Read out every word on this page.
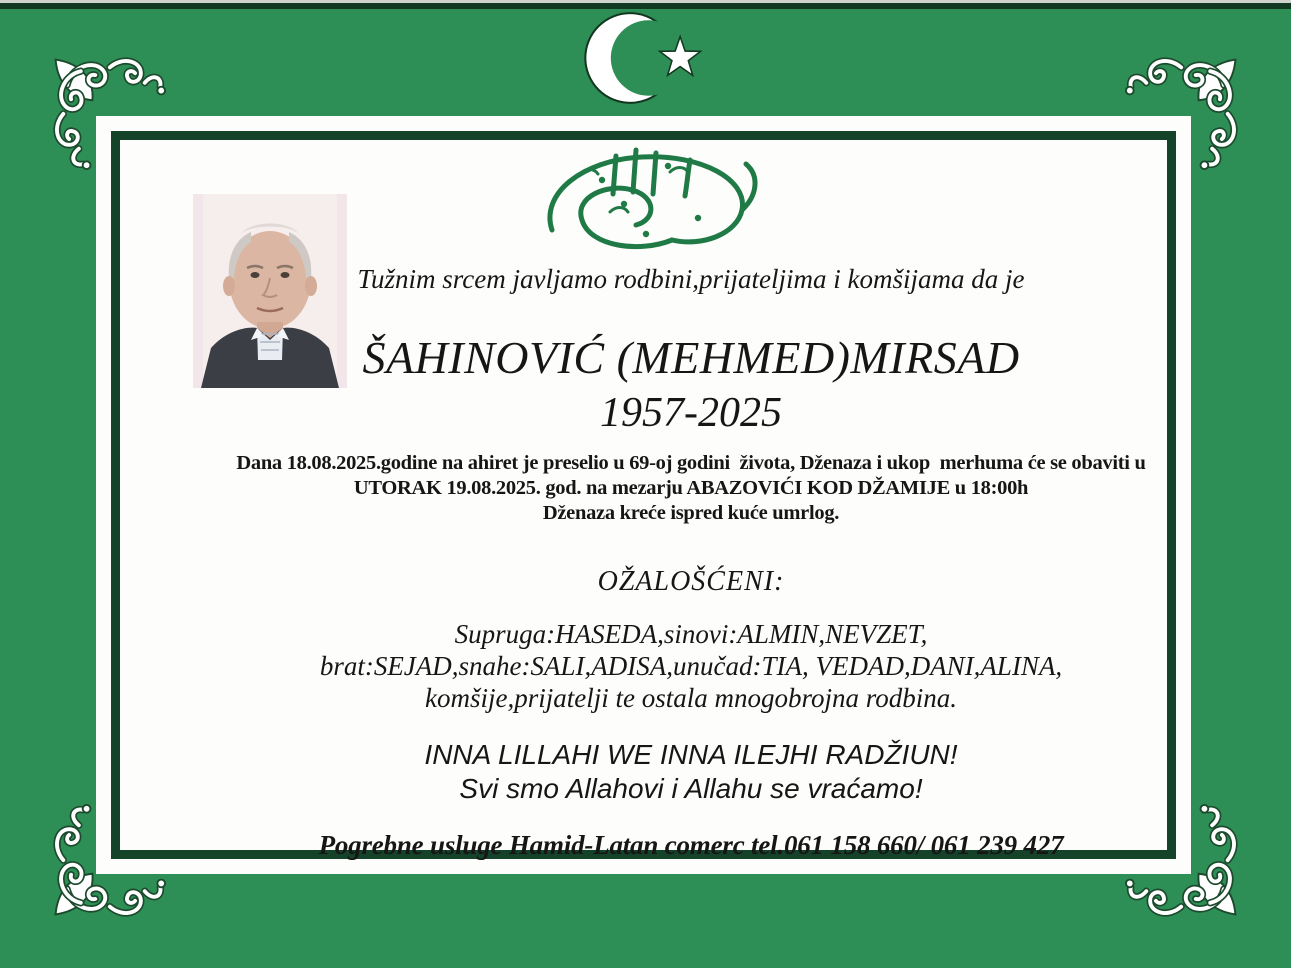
Tužnim srcem javljamo rodbini,prijateljima i komšijama da je
ŠAHINOVIĆ (MEHMED)MIRSAD
1957-2025
Dana 18.08.2025.godine na ahiret je preselio u 69-oj godini  života, Dženaza i ukop  merhuma će se obaviti u
UTORAK 19.08.2025. god. na mezarju ABAZOVIĆI KOD DŽAMIJE u 18:00h
Dženaza kreće ispred kuće umrlog.
OŽALOŠĆENI:
Supruga:HASEDA,sinovi:ALMIN,NEVZET,
brat:SEJAD,snahe:SALI,ADISA,unučad:TIA, VEDAD,DANI,ALINA,
komšije,prijatelji te ostala mnogobrojna rodbina.
INNA LILLAHI WE INNA ILEJHI RADŽIUN!
Svi smo Allahovi i Allahu se vraćamo!
Pogrebne usluge Hamid-Latan comerc tel.061 158 660/ 061 239 427
